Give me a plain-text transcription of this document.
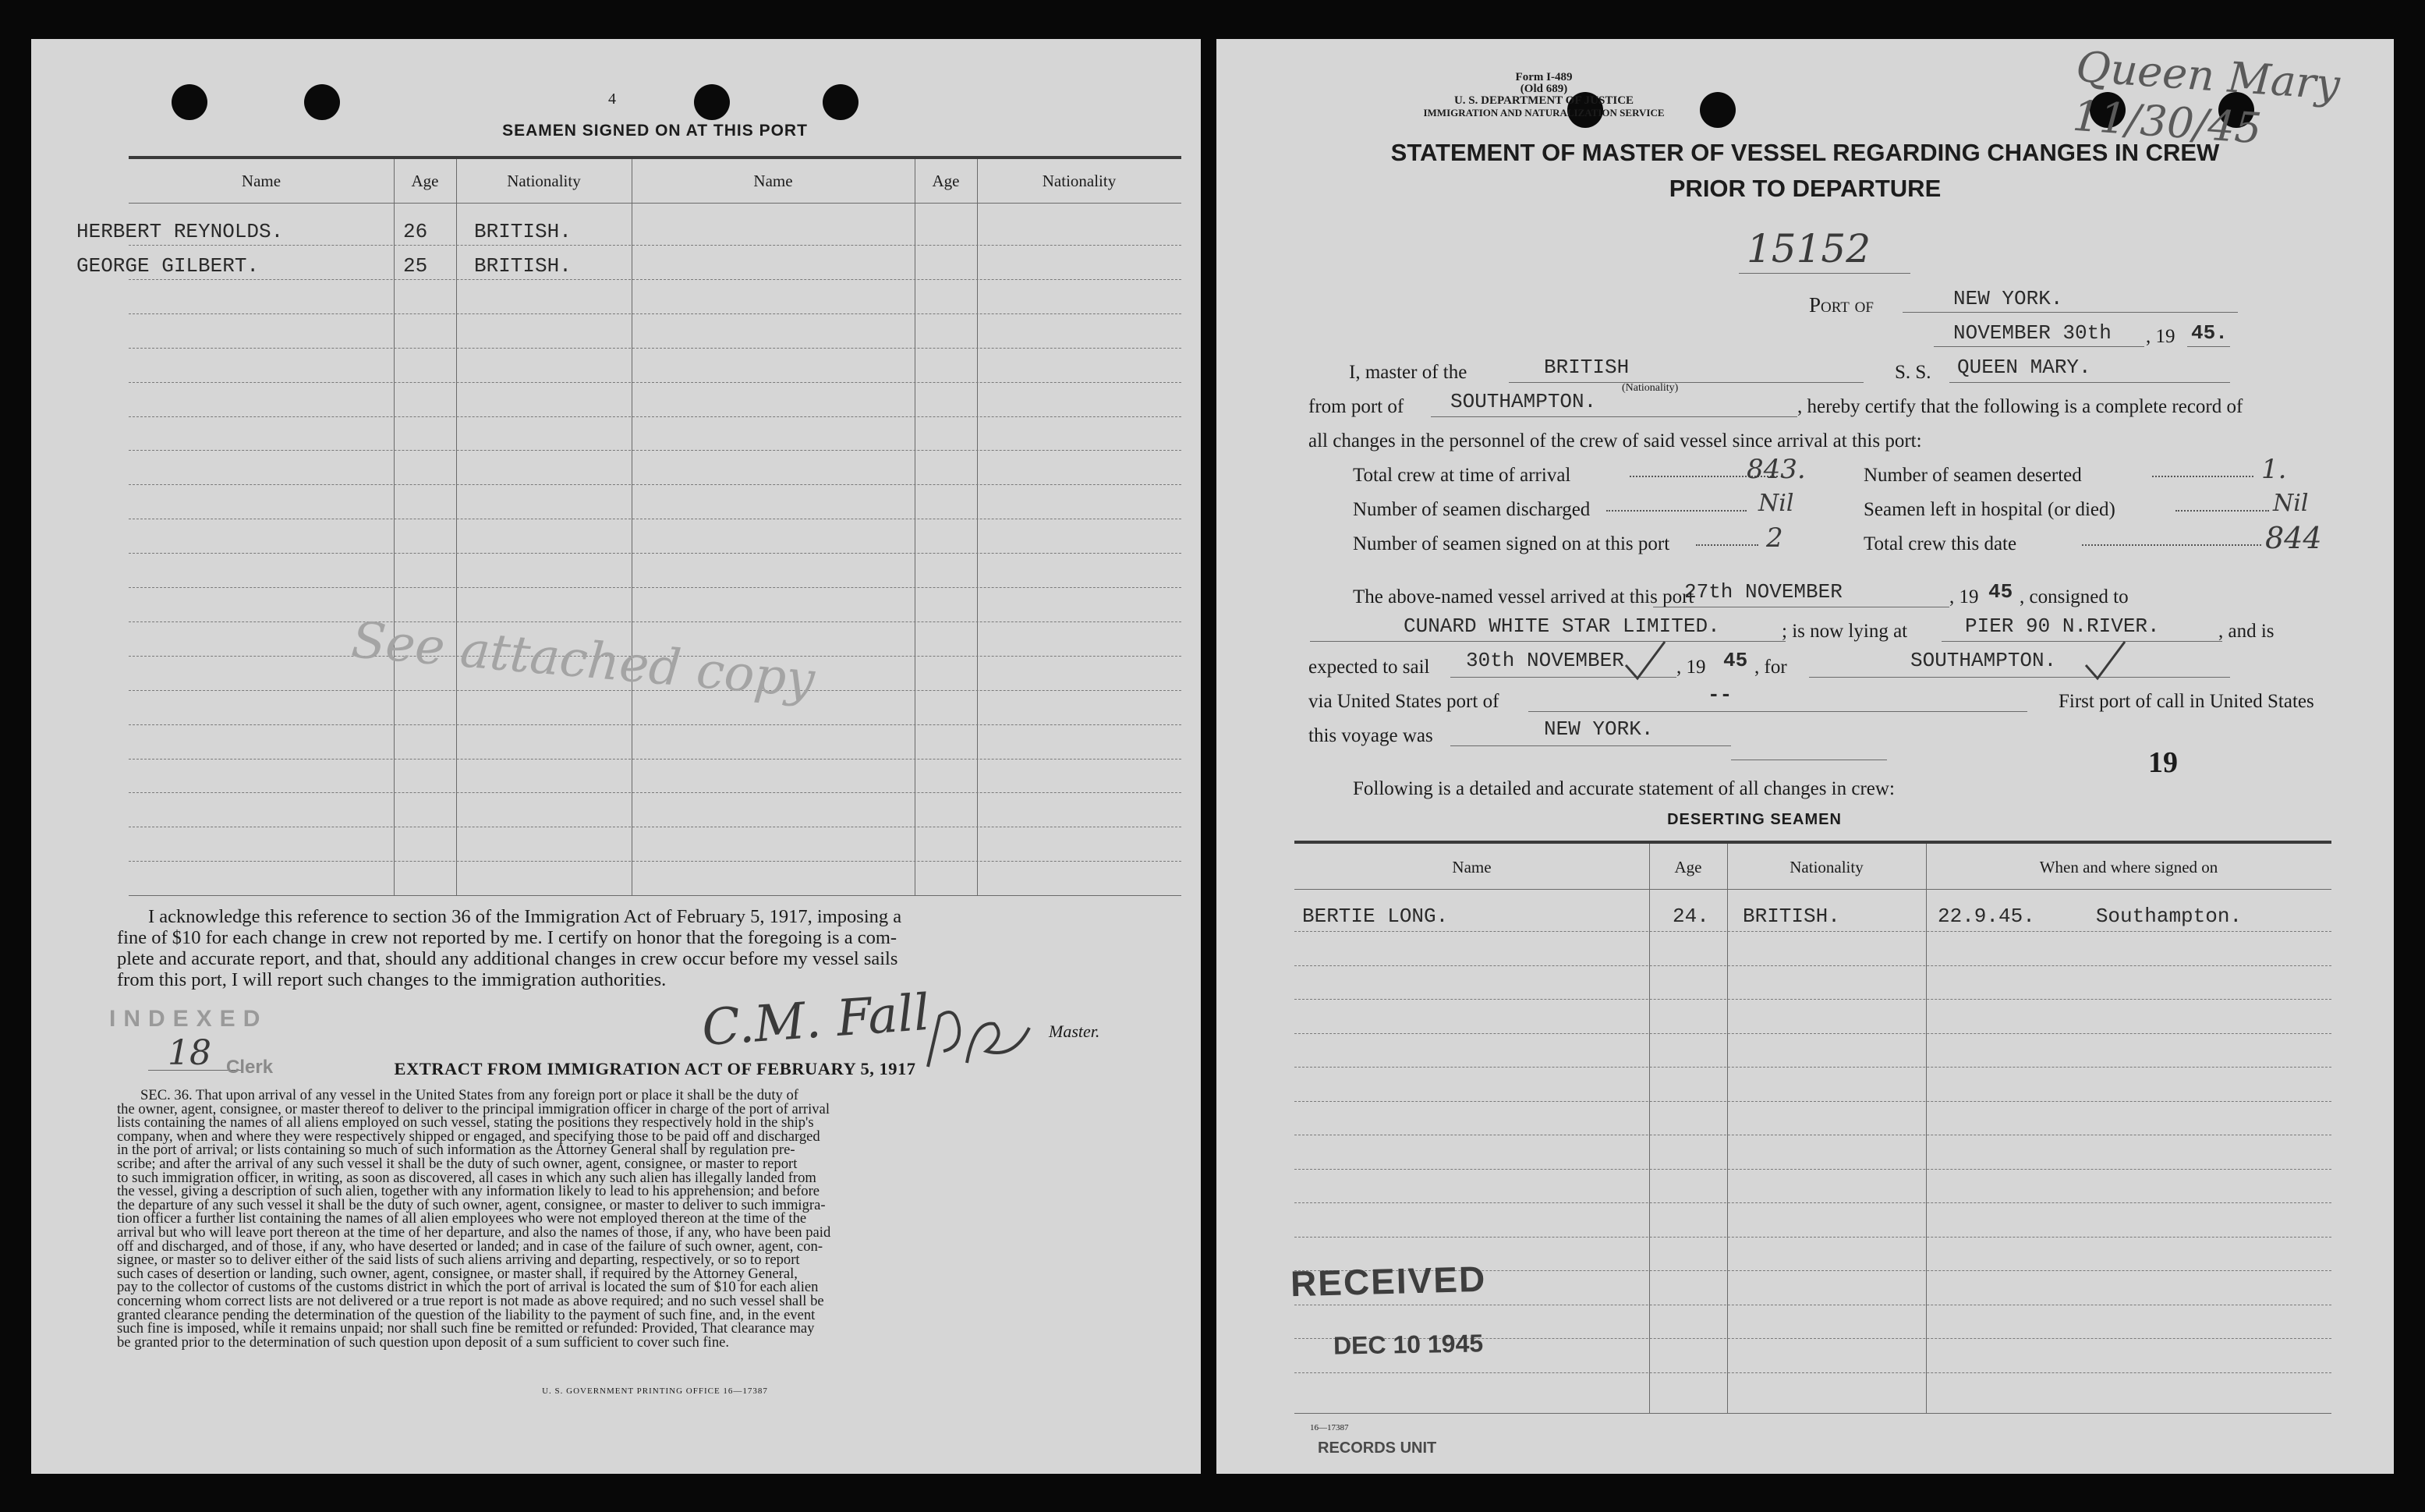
4
SEAMEN SIGNED ON AT THIS PORT
Name	Age	Nationality	Name	Age	Nationality
HERBERT REYNOLDS.	26 BRITISH.
GEORGE GILBERT.	25 BRITISH.
See attached copy
I acknowledge this reference to section 36 of the Immigration Act of February 5, 1917, imposing a
fine of $10 for each change in crew not reported by me. I certify on honor that the foregoing is a com-
plete and accurate report, and that, should any additional changes in crew occur before my vessel sails
from this port, I will report such changes to the immigration authorities.
C.M. Fall	Master.
INDEXED
18 Clerk	EXTRACT FROM IMMIGRATION ACT OF FEBRUARY 5, 1917
SEC. 36. That upon arrival of any vessel in the United States from any foreign port or place it shall be the duty of
the owner, agent, consignee, or master thereof to deliver to the principal immigration officer in charge of the port of arrival
lists containing the names of all aliens employed on such vessel, stating the positions they respectively hold in the ship's
company, when and where they were respectively shipped or engaged, and specifying those to be paid off and discharged
in the port of arrival; or lists containing so much of such information as the Attorney General shall by regulation pre-
scribe; and after the arrival of any such vessel it shall be the duty of such owner, agent, consignee, or master to report
to such immigration officer, in writing, as soon as discovered, all cases in which any such alien has illegally landed from
the vessel, giving a description of such alien, together with any information likely to lead to his apprehension; and before
the departure of any such vessel it shall be the duty of such owner, agent, consignee, or master to deliver to such immigra-
tion officer a further list containing the names of all alien employees who were not employed thereon at the time of the
arrival but who will leave port thereon at the time of her departure, and also the names of those, if any, who have been paid
off and discharged, and of those, if any, who have deserted or landed; and in case of the failure of such owner, agent, con-
signee, or master so to deliver either of the said lists of such aliens arriving and departing, respectively, or so to report
such cases of desertion or landing, such owner, agent, consignee, or master shall, if required by the Attorney General,
pay to the collector of customs of the customs district in which the port of arrival is located the sum of $10 for each alien
concerning whom correct lists are not delivered or a true report is not made as above required; and no such vessel shall be
granted clearance pending the determination of the question of the liability to the payment of such fine, and, in the event
such fine is imposed, while it remains unpaid; nor shall such fine be remitted or refunded: Provided, That clearance may
be granted prior to the determination of such question upon deposit of a sum sufficient to cover such fine.
U. S. GOVERNMENT PRINTING OFFICE 16—17387
Form I-489
(Old 689)
U. S. DEPARTMENT OF JUSTICE
IMMIGRATION AND NATURALIZATION SERVICE
Queen Mary 11/30/45
STATEMENT OF MASTER OF VESSEL REGARDING CHANGES IN CREW
PRIOR TO DEPARTURE
15152
Port of	NEW YORK.
NOVEMBER 30th , 19 45.
I, master of the	BRITISH
(Nationality)
S. S. QUEEN MARY.
from port of SOUTHAMPTON.	, hereby certify that the following is a complete record of
all changes in the personnel of the crew of said vessel since arrival at this port:
Total crew at time of arrival	843.	Number of seamen deserted	1.
Number of seamen discharged	Nil	Seamen left in hospital (or died)	Nil
Number of seamen signed on at this port	2	Total crew this date	844
The above-named vessel arrived at this port
27th NOVEMBER	, 19 45 , consigned to
CUNARD WHITE STAR LIMITED.	; is now lying at	PIER 90 N.RIVER.	, and is
expected to sail 30th NOVEMBER	, 19 45 , for	SOUTHAMPTON.
via United States port of	--	First port of call in United States
this voyage was	NEW YORK.
19
Following is a detailed and accurate statement of all changes in crew:
DESERTING SEAMEN
Name	Age	Nationality	When and where signed on
BERTIE LONG.	24. BRITISH.	22.9.45.     Southampton.
RECEIVED
DEC 10 1945
16—17387
RECORDS UNIT
